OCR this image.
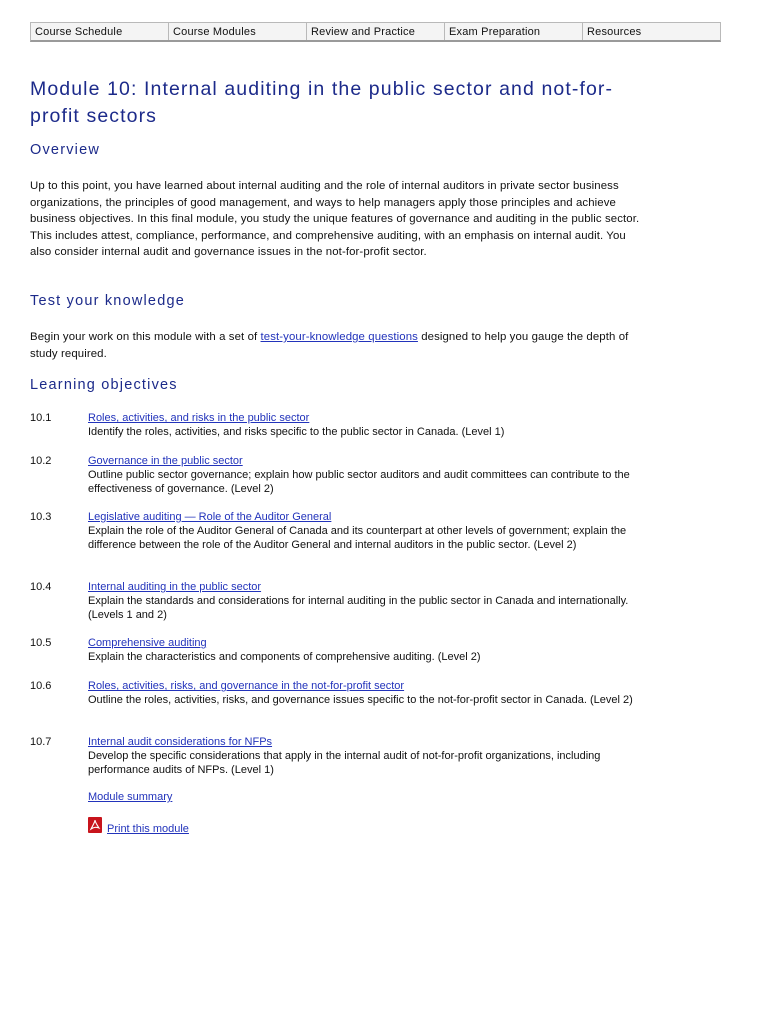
Course Schedule	Course Modules	Review and Practice	Exam Preparation	Resources
Module 10: Internal auditing in the public sector and not-for-profit sectors
Overview

Up to this point, you have learned about internal auditing and the role of internal auditors in private sector business organizations, the principles of good management, and ways to help managers apply those principles and achieve business objectives. In this final module, you study the unique features of governance and auditing in the public sector. This includes attest, compliance, performance, and comprehensive auditing, with an emphasis on internal audit. You also consider internal audit and governance issues in the not-for-profit sector.

Test your knowledge

Begin your work on this module with a set of test-your-knowledge questions designed to help you gauge the depth of study required.

Learning objectives
10.1	Roles, activities, and risks in the public sector
Identify the roles, activities, and risks specific to the public sector in Canada. (Level 1)
10.2	Governance in the public sector
Outline public sector governance; explain how public sector auditors and audit committees can contribute to the effectiveness of governance. (Level 2)
10.3	Legislative auditing — Role of the Auditor General
Explain the role of the Auditor General of Canada and its counterpart at other levels of government; explain the difference between the role of the Auditor General and internal auditors in the public sector. (Level 2)
10.4	Internal auditing in the public sector
Explain the standards and considerations for internal auditing in the public sector in Canada and internationally. (Levels 1 and 2)
10.5	Comprehensive auditing
Explain the characteristics and components of comprehensive auditing. (Level 2)
10.6	Roles, activities, risks, and governance in the not-for-profit sector
Outline the roles, activities, risks, and governance issues specific to the not-for-profit sector in Canada. (Level 2)
10.7	Internal audit considerations for NFPs
Develop the specific considerations that apply in the internal audit of not-for-profit organizations, including performance audits of NFPs. (Level 1)
Module summary
Print this module
